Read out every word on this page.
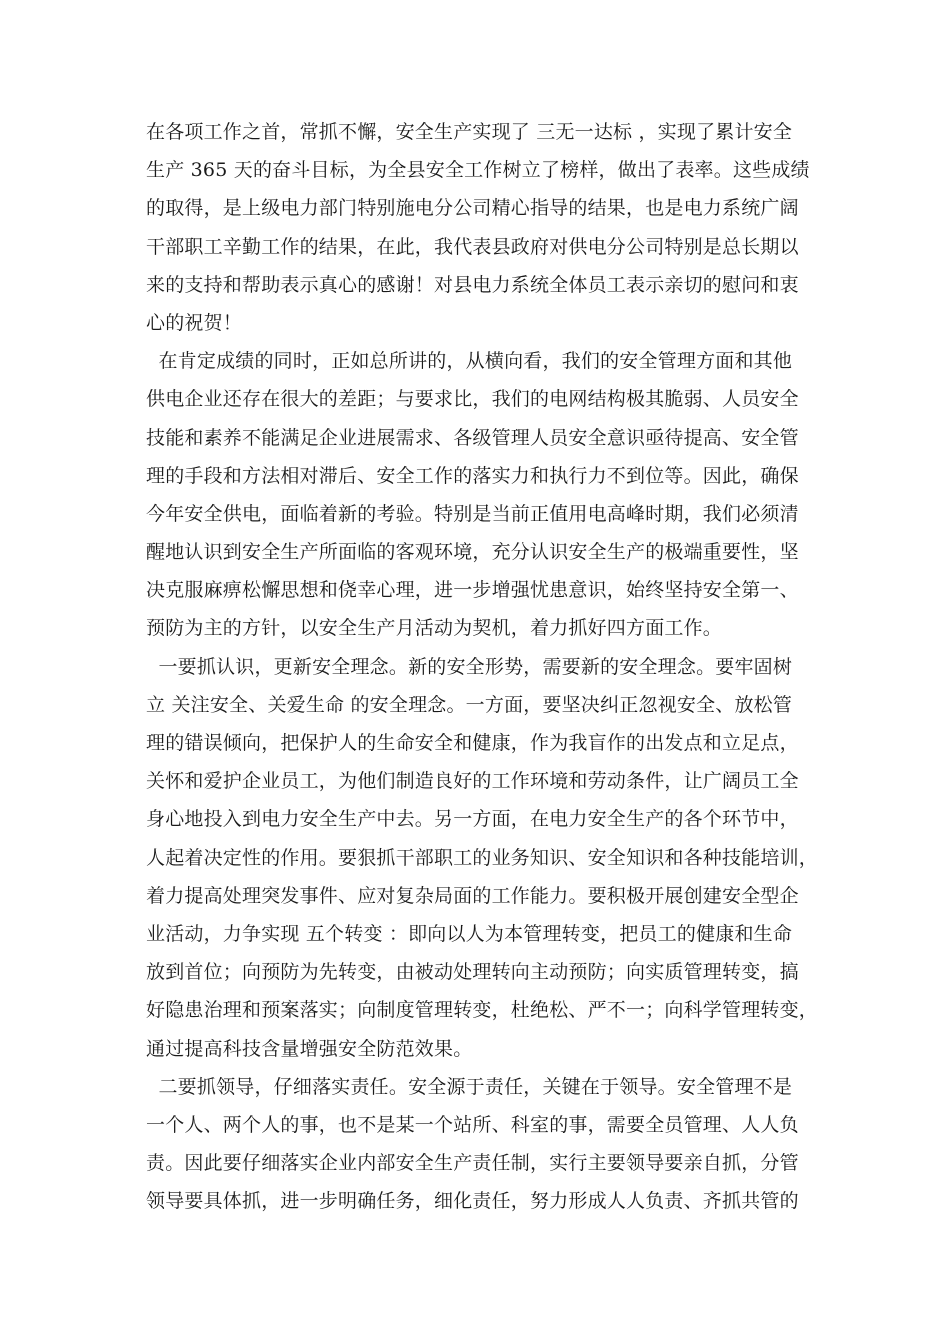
在各项工作之首，常抓不懈，安全生产实现了 三无一达标 ，实现了累计安全
生产 365 天的奋斗目标，为全县安全工作树立了榜样，做出了表率。这些成绩
的取得，是上级电力部门特别施电分公司精心指导的结果，也是电力系统广阔
干部职工辛勤工作的结果，在此，我代表县政府对供电分公司特别是总长期以
来的支持和帮助表示真心的感谢！对县电力系统全体员工表示亲切的慰问和衷
心的祝贺！
在肯定成绩的同时，正如总所讲的，从横向看，我们的安全管理方面和其他
供电企业还存在很大的差距；与要求比，我们的电网结构极其脆弱、人员安全
技能和素养不能满足企业进展需求、各级管理人员安全意识亟待提高、安全管
理的手段和方法相对滞后、安全工作的落实力和执行力不到位等。因此，确保
今年安全供电，面临着新的考验。特别是当前正值用电高峰时期，我们必须清
醒地认识到安全生产所面临的客观环境，充分认识安全生产的极端重要性，坚
决克服麻痹松懈思想和侥幸心理，进一步增强忧患意识，始终坚持安全第一、
预防为主的方针，以安全生产月活动为契机，着力抓好四方面工作。
一要抓认识，更新安全理念。新的安全形势，需要新的安全理念。要牢固树
立 关注安全、关爱生命 的安全理念。一方面，要坚决纠正忽视安全、放松管
理的错误倾向，把保护人的生命安全和健康，作为我盲作的出发点和立足点，
关怀和爱护企业员工，为他们制造良好的工作环境和劳动条件，让广阔员工全
身心地投入到电力安全生产中去。另一方面，在电力安全生产的各个环节中，
人起着决定性的作用。要狠抓干部职工的业务知识、安全知识和各种技能培训，
着力提高处理突发事件、应对复杂局面的工作能力。要积极开展创建安全型企
业活动，力争实现 五个转变 ：即向以人为本管理转变，把员工的健康和生命
放到首位；向预防为先转变，由被动处理转向主动预防；向实质管理转变，搞
好隐患治理和预案落实；向制度管理转变，杜绝松、严不一；向科学管理转变，
通过提高科技含量增强安全防范效果。
二要抓领导，仔细落实责任。安全源于责任，关键在于领导。安全管理不是
一个人、两个人的事，也不是某一个站所、科室的事，需要全员管理、人人负
责。因此要仔细落实企业内部安全生产责任制，实行主要领导要亲自抓，分管
领导要具体抓，进一步明确任务，细化责任，努力形成人人负责、齐抓共管的
